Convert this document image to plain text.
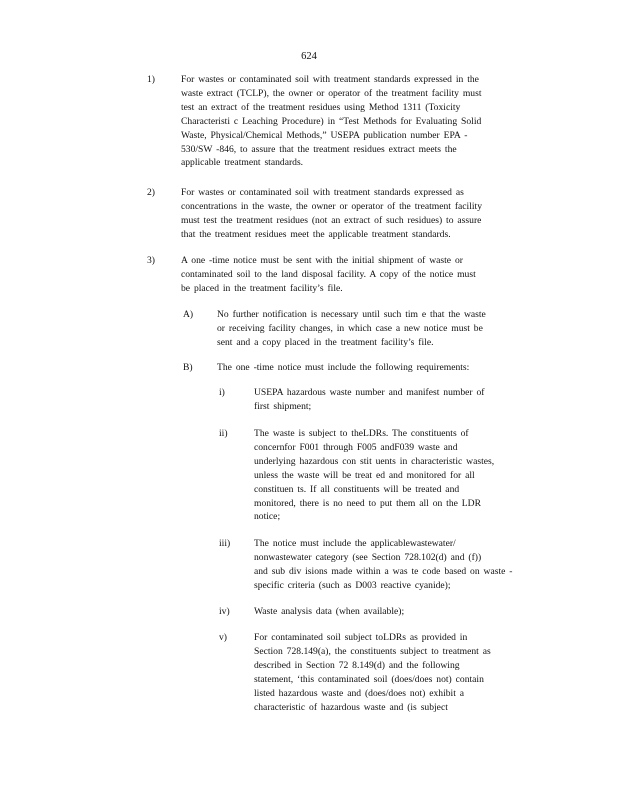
624
1)	For wastes or contaminated soil with treatment standards expressed in the
waste extract (TCLP), the owner or operator of the treatment facility must
test an extract of the treatment residues using Method 1311 (Toxicity
Characteristi c Leaching Procedure) in “Test Methods for Evaluating Solid
Waste, Physical/Chemical Methods,” USEPA publication number EPA -
530/SW -846, to assure that the treatment residues extract meets the
applicable treatment standards.
2)	For wastes or contaminated soil with treatment standards expressed as
concentrations in the waste, the owner or operator of the treatment facility
must test the treatment residues (not an extract of such residues) to assure
that the treatment residues meet the applicable treatment standards.
3)	A one -time notice must be sent with the initial shipment of waste or
contaminated soil to the land disposal facility. A copy of the notice must
be placed in the treatment facility’s file.
A) No further notification is necessary until such tim e that the waste
or receiving facility changes, in which case a new notice must be
sent and a copy placed in the treatment facility’s file.
B)	The one -time notice must include the following requirements:
i)	USEPA hazardous waste number and manifest number of
first shipment;
ii)	The waste is subject to theLDRs. The constituents of
concernfor F001 through F005 andF039 waste and
underlying hazardous con stit uents in characteristic wastes,
unless the waste will be treat ed and monitored for all
constituen ts. If all constituents will be treated and
monitored, there is no need to put them all on the LDR
notice;
iii) The notice must include the applicablewastewater/
nonwastewater category (see Section 728.102(d) and (f))
and sub div isions made within a was te code based on waste -
specific criteria (such as D003 reactive cyanide);
iv)	Waste analysis data (when available);
v)	For contaminated soil subject toLDRs as provided in
Section 728.149(a), the constituents subject to treatment as
described in Section 72 8.149(d) and the following
statement, ‘this contaminated soil (does/does not) contain
listed hazardous waste and (does/does not) exhibit a
characteristic of hazardous waste and (is subject
